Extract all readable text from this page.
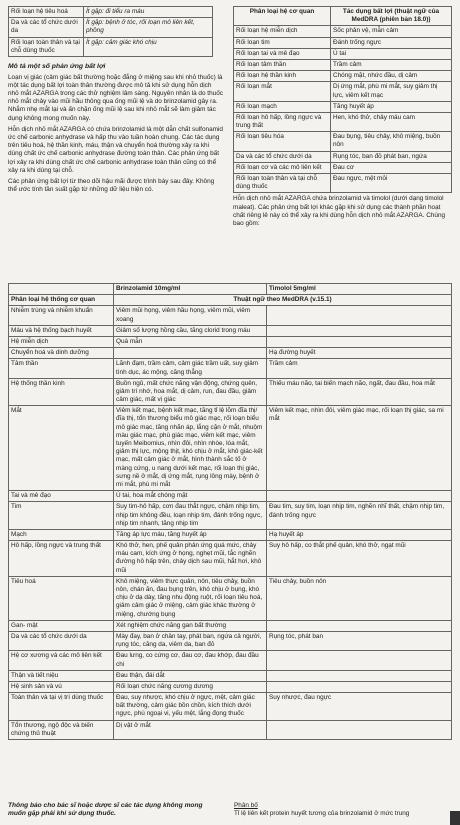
Rối loạn hệ tiêu hoá	Ít gặp: đi tiểu ra máu
Da và các tổ chức dưới da	Ít gặp: bệnh ở tóc, rối loạn mô liên kết, phồng
Rối loạn toàn thân và tại chỗ dùng thuốc	Ít gặp: cảm giác khó chịu
Mô tả một số phản ứng bất lợi

Loạn vị giác (cảm giác bất thường hoặc đắng ở miệng sau khi nhỏ thuốc) là một tác dụng bất lợi toàn thân thường được mô tả khi sử dụng hỗn dịch nhỏ mắt AZARGA trong các thử nghiệm lâm sàng. Nguyên nhân là do thuốc nhỏ mắt chảy vào mũi hầu thông qua ống mũi lệ và do brinzolamid gây ra. Nhắm nhẹ mắt lại và ấn chặn ống mũi lệ sau khi nhỏ mắt sẽ làm giảm tác dụng không mong muốn này.

Hỗn dịch nhỏ mắt AZARGA có chứa brinzolamid là một dẫn chất sulfonamid ức chế carbonic anhydrase và hấp thu vào tuần hoàn chung. Các tác dụng trên tiêu hoá, hệ thần kinh, máu, thận và chuyển hoá thường xảy ra khi dùng chất ức chế carbonic anhydrase đường toàn thân. Các phản ứng bất lợi xảy ra khi dùng chất ức chế carbonic anhydrase toàn thân cũng có thể xảy ra khi dùng tại chỗ.

Các phản ứng bất lợi từ theo dõi hậu mãi được trình bày sau đây. Không thể ước tính tần suất gặp từ những dữ liệu hiện có.

Phân loại hệ cơ quan	Tác dụng bất lợi (thuật ngữ của MedDRA (phiên bản 18.0))
Rối loạn hệ miễn dịch	Sốc phản vệ, mẫn cảm
Rối loạn tim	Đánh trống ngực
Rối loạn tai và mê đạo	Ù tai
Rối loạn tâm thần	Trầm cảm
Rối loạn hệ thần kinh	Chóng mặt, nhức đầu, dị cảm
Rối loạn mắt	Dị ứng mắt, phù mi mắt, suy giảm thị lực, viêm kết mạc
Rối loạn mạch	Tăng huyết áp
Rối loạn hô hấp, lồng ngực và trung thất	Hen, khó thở, chảy máu cam
Rối loạn tiêu hóa	Đau bụng, tiêu chảy, khô miệng, buồn nôn
Da và các tổ chức dưới da	Rụng tóc, ban đỏ phát ban, ngứa
Rối loạn cơ và các mô liên kết	Đau cơ
Rối loạn toàn thân và tại chỗ dùng thuốc	Đau ngực, mệt mỏi

Hỗn dịch nhỏ mắt AZARGA chứa brinzolamid và timolol (dưới dạng timolol maleat). Các phản ứng bất lợi khác gặp khi sử dụng các thành phần hoạt chất riêng lẻ này có thể xảy ra khi dùng hỗn dịch nhỏ mắt AZARGA. Chúng bao gồm:

	Brinzolamid 10mg/ml	Timolol 5mg/ml
Phân loại hệ thống cơ quan	Thuật ngữ theo MedDRA (v.15.1)	
Nhiễm trùng và nhiễm khuẩn	Viêm mũi họng, viêm hầu họng, viêm mũi, viêm xoang	
Máu và hệ thống bạch huyết	Giảm số lượng hồng cầu, tăng clorid trong máu	
Hệ miễn dịch	Quá mẫn	
Chuyển hoá và dinh dưỡng		Hạ đường huyết
Tâm thần	Lãnh đạm, trầm cảm, cảm giác trầm uất, suy giảm tình dục, ác mộng, căng thẳng	Trầm cảm
Hệ thống thần kinh	Buồn ngủ, mất chức năng vận động, chứng quên, giảm trí nhớ, hoa mắt, dị cảm, run, đau đầu, giảm cảm giác, mất vị giác	Thiếu máu não, tai biến mạch não, ngất, đau đầu, hoa mắt
Mắt	Viêm kết mạc, bệnh kết mạc, tăng tỉ lệ lõm đĩa thị/ đĩa thị, tổn thương biểu mô giác mạc, rối loạn biểu mô giác mạc, tăng nhãn áp, lắng cặn ở mắt, nhuộm màu giác mạc, phù giác mạc, viêm kết mạc, viêm tuyến Meibomius, nhìn đôi, nhìn nhòe, lóa mắt, giảm thị lực, mộng thịt, khó chịu ở mắt, khô giác-kết mạc, mất cảm giác ở mắt, hình thành sắc tố ở màng cứng, u nang dưới kết mạc, rối loạn thị giác, sưng nề ở mắt, dị ứng mắt, rụng lông mày, bệnh ở mi mắt, phù mi mắt	Viêm kết mạc, nhìn đôi, viêm giác mạc, rối loạn thị giác, sa mi mắt
Tai và mê đạo	Ù tai, hoa mắt chóng mặt	
Tim	Suy tim-hô hấp, cơn đau thắt ngực, chậm nhịp tim, nhịp tim không đều, loạn nhịp tim, đánh trống ngực, nhịp tim nhanh, tăng nhịp tim	Đau tim, suy tim, loạn nhịp tim, nghẽn nhĩ thất, chậm nhịp tim, đánh trống ngực
Mạch	Tăng áp lực máu, tăng huyết áp	Hạ huyết áp
Hô hấp, lồng ngực và trung thất	Khó thở, hen, phế quản phản ứng quá mức, chảy máu cam, kích ứng ở họng, nghẹt mũi, tắc nghẽn đường hô hấp trên, chảy dịch sau mũi, hắt hơi, khô mũi	Suy hô hấp, co thắt phế quản, khó thở, ngạt mũi
Tiêu hoá	Khô miệng, viêm thực quản, nôn, tiêu chảy, buồn nôn, chán ăn, đau bụng trên, khó chịu ở bụng, khó chịu ở dạ dày, tăng nhu động ruột, rối loạn tiêu hoá, giảm cảm giác ở miệng, cảm giác khác thường ở miệng, chướng bụng	Tiêu chảy, buồn nôn
Gan- mật	Xét nghiệm chức năng gan bất thường	
Da và các tổ chức dưới da	Mày đay, ban ở chân tay, phát ban, ngứa cả người, rụng tóc, căng da, viêm da, ban đỏ	Rụng tóc, phát ban
Hệ cơ xương và các mô liên kết	Đau lưng, co cứng cơ, đau cơ, đau khớp, đau đầu chi	
Thận và tiết niệu	Đau thận, đái dắt	
Hệ sinh sản và vú	Rối loạn chức năng cương dương	
Toàn thân và tại vị trí dùng thuốc	Đau, suy nhược, khó chịu ở ngực, mệt, cảm giác bất thường, cảm giác bồn chồn, kích thích dưới ngực, phù ngoại vi, yếu mệt, lắng đọng thuốc	Suy nhược, đau ngực
Tổn thương, ngộ độc và biến chứng thủ thuật	Dị vật ở mắt	
Thông báo cho bác sĩ hoặc dược sĩ các tác dụng không mong muốn gặp phải khi sử dụng thuốc.
Phân bố
Tỉ lệ liên kết protein huyết tương của brinzolamid ở mức trung
